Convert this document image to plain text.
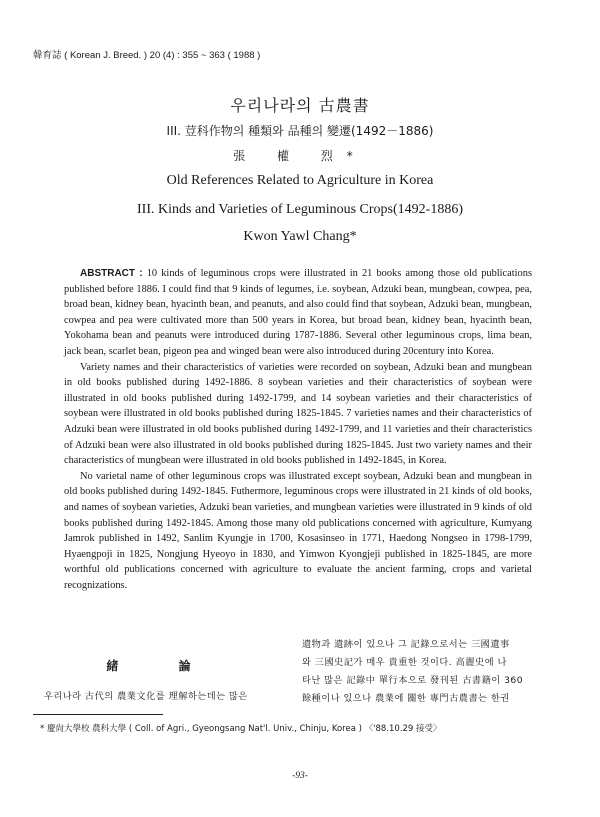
韓育誌 ( Korean J. Breed. ) 20 (4) : 355 ~ 363 ( 1988 )
우리나라의 古農書
III. 荳科作物의 種類와 品種의 變遷(1492－1886)
張 權 烈*
Old References Related to Agriculture in Korea
III. Kinds and Varieties of Leguminous Crops(1492-1886)
Kwon Yawl Chang*

ABSTRACT : 10 kinds of leguminous crops were illustrated in 21 books among those old publications published before 1886. I could find that 9 kinds of legumes, i.e. soybean, Adzuki bean, mungbean, cowpea, pea, broad bean, kidney bean, hyacinth bean, and peanuts, and also could find that soybean, Adzuki bean, mungbean, cowpea and pea were cultivated more than 500 years in Korea, but broad bean, kidney bean, hyacinth bean, Yokohama bean and peanuts were introduced during 1787-1886. Several other leguminous crops, lima bean, jack bean, scarlet bean, pigeon pea and winged bean were also introduced during 20century into Korea.

Variety names and their characteristics of varieties were recorded on soybean, Adzuki bean and mungbean in old books published during 1492-1886. 8 soybean varieties and their characteristics of soybean were illustrated in old books published during 1492-1799, and 14 soybean varieties and their characteristics of soybean were illustrated in old books published during 1825-1845. 7 varieties names and their characteristics of Adzuki bean were illustrated in old books published during 1492-1799, and 11 varieties and their characteristics of Adzuki bean were also illustrated in old books published during 1825-1845. Just two variety names and their characteristics of mungbean were illustrated in old books published in 1492-1845, in Korea.

No varietal name of other leguminous crops was illustrated except soybean, Adzuki bean and mungbean in old books published during 1492-1845. Futhermore, leguminous crops were illustrated in 21 kinds of old books, and names of soybean varieties, Adzuki bean varieties, and mungbean varieties were illustrated in 9 kinds of old books published during 1492-1845. Among those many old publications concerned with agriculture, Kumyang Jamrok published in 1492, Sanlim Kyungje in 1700, Kosasinseo in 1771, Haedong Nongseo in 1798-1799, Hyaengpoji in 1825, Nongjung Hyeoyo in 1830, and Yimwon Kyongjeji published in 1825-1845, are more worthful old publications concerned with agriculture to evaluate the ancient farming, crops and varietal recognizations.

緒 論
우리나라 古代의 農業文化를 理解하는데는 많은
遺物과 遺跡이 있으나 그 記錄으로서는 三國遺事
와 三國史記가 매우 貴重한 것이다. 高麗史에 나
타난 많은 記錄中 單行本으로 發刊된 古書籍이 360
餘種이나 있으나 農業에 關한 專門古農書는 한권
* 慶尙大學校 農科大學 ( Coll. of Agri., Gyeongsang Nat'l. Univ., Chinju, Korea ) 〈'88.10.29 接受〉
-93-
